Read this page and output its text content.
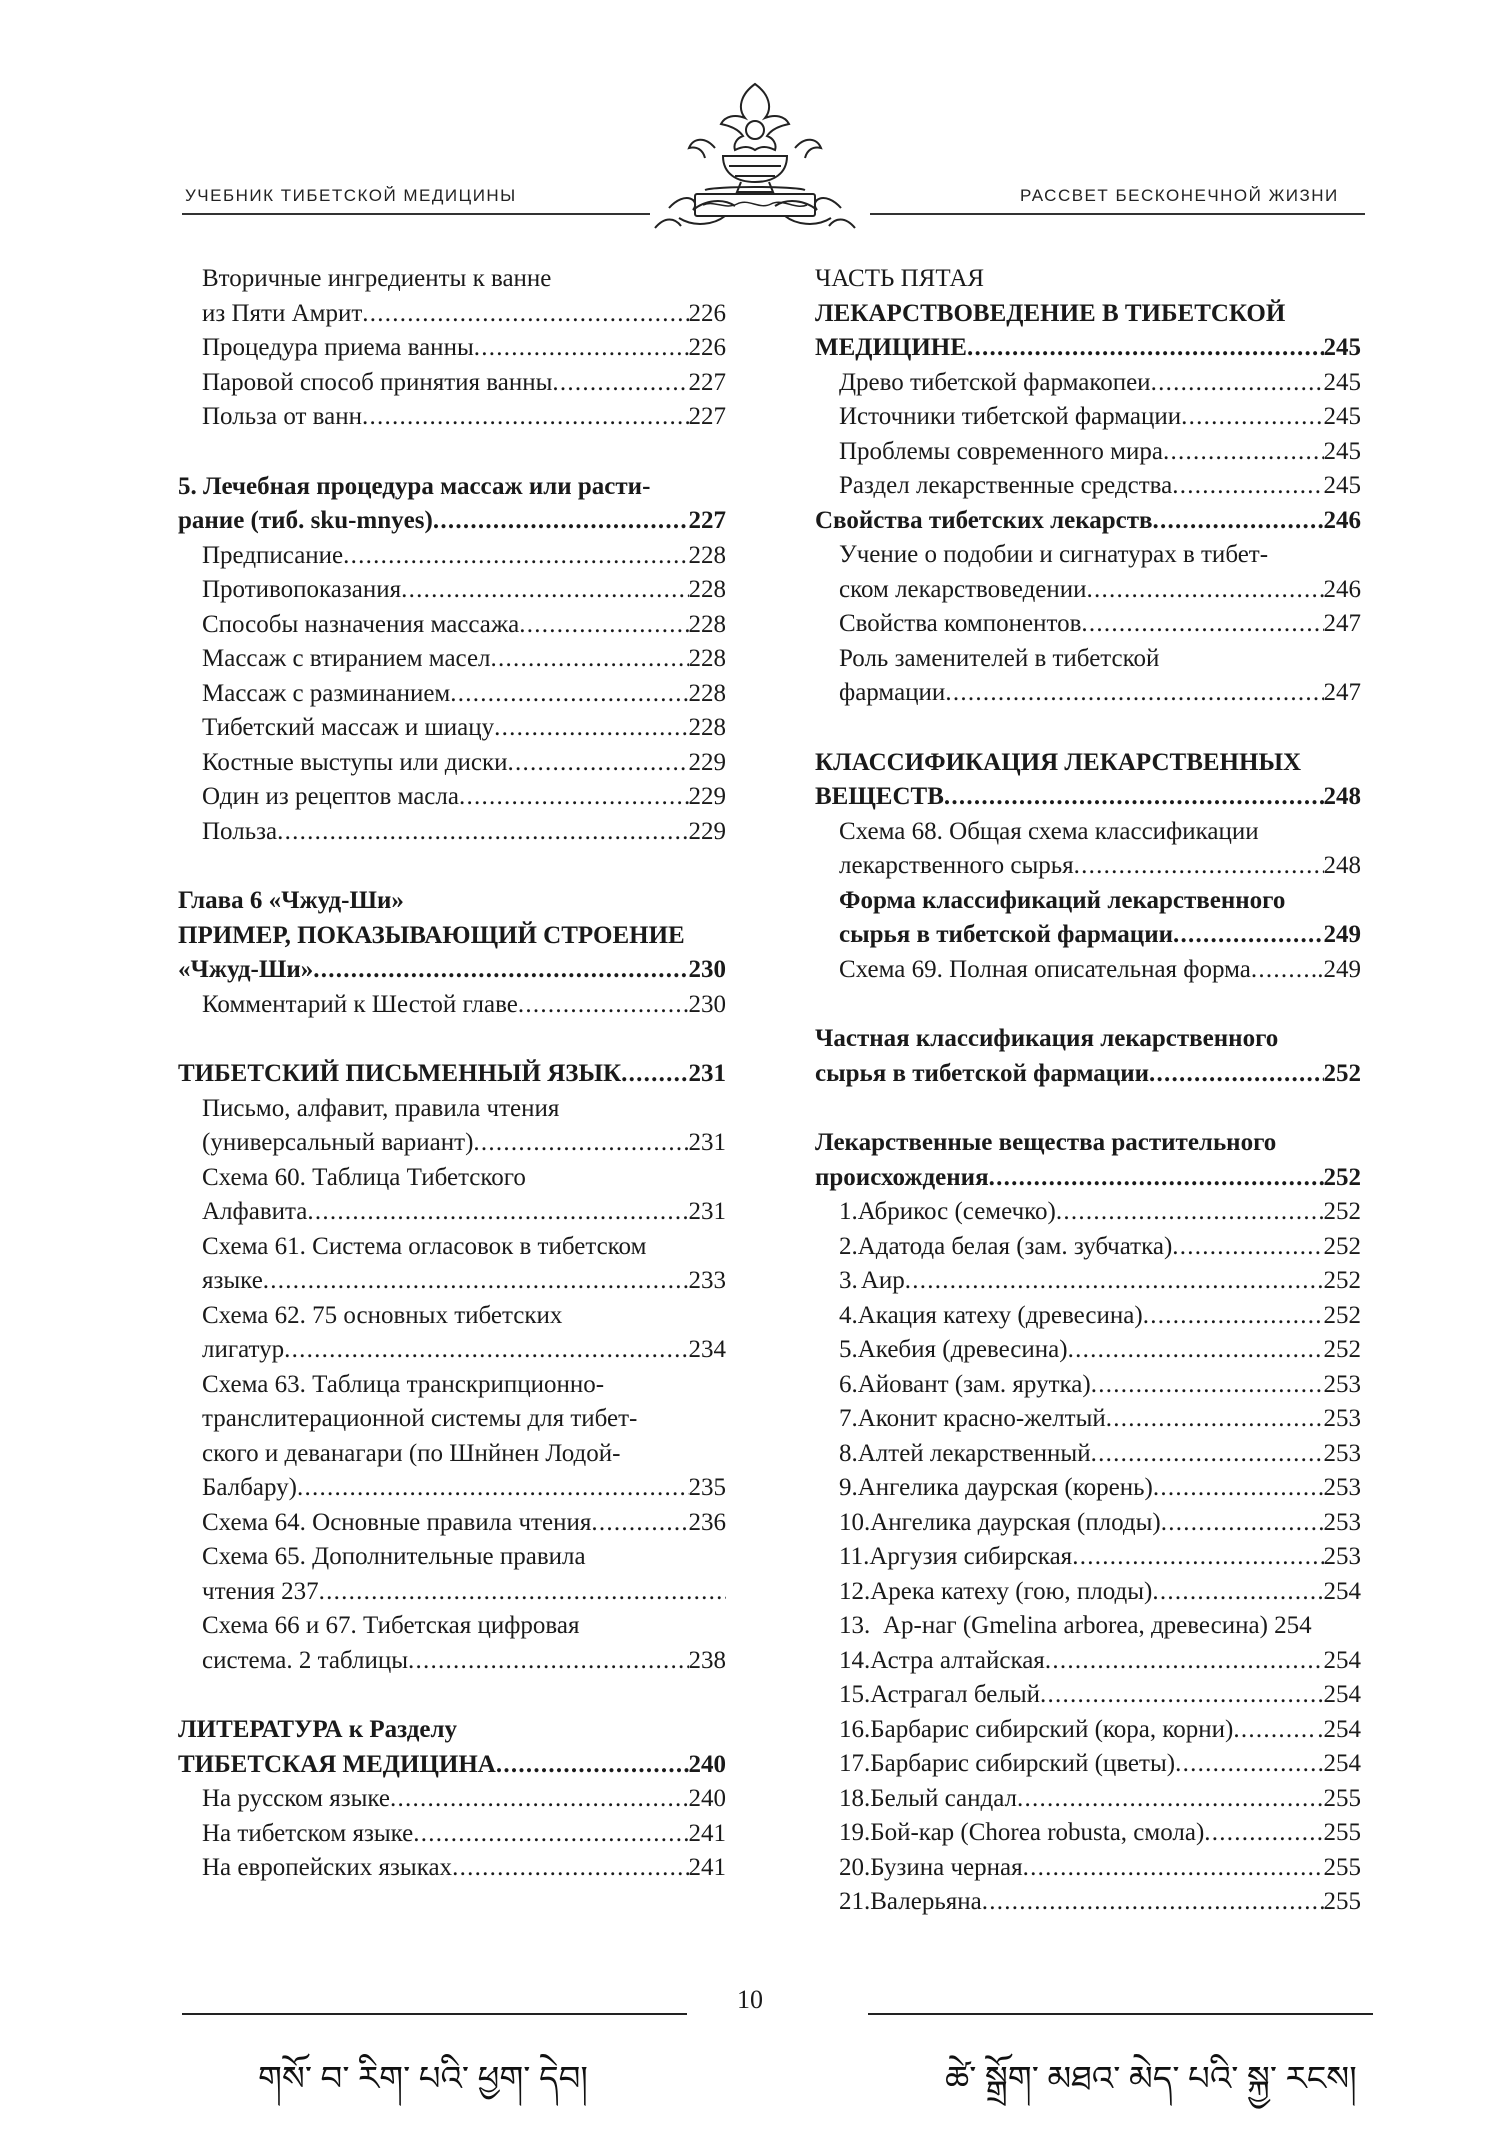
УЧЕБНИК ТИБЕТСКОЙ МЕДИЦИНЫ	РАССВЕТ БЕСКОНЕЧНОЙ ЖИЗНИ
Вторичные ингредиенты к ванне
из Пяти Амрит . . .	226
Процедура приема ванны . . .	226
Паровой способ принятия ванны . . .	227
Польза от ванн . . .	227
5. Лечебная процедура массаж или расти-
рание (тиб. sku-mnyes) . . .	227
Предписание . . .	228
Противопоказания . . .	228
Способы назначения массажа . . .	228
Массаж с втиранием масел . . .	228
Массаж с разминанием . . .	228
Тибетский массаж и шиацу . . .	228
Костные выступы или диски . . .	229
Один из рецептов масла . . .	229
Польза . . .	229
Глава 6 «Чжуд-Ши»
ПРИМЕР, ПОКАЗЫВАЮЩИЙ СТРОЕНИЕ
«Чжуд-Ши» . . .	230
Комментарий к Шестой главе . . .	230
ТИБЕТСКИЙ ПИСЬМЕННЫЙ ЯЗЫК . . .	231
Письмо, алфавит, правила чтения
(универсальный вариант) . . .	231
Схема 60. Таблица Тибетского
Алфавита . . .	231
Схема 61. Система огласовок в тибетском
языке . . .	233
Схема 62. 75 основных тибетских
лигатур . . .	234
Схема 63. Таблица транскрипционно-
транслитерационной системы для тибет-
ского и деванагари (по Шнйнен Лодой-
Балбару) . . .	235
Схема 64. Основные правила чтения . . .	236
Схема 65. Дополнительные правила
чтения 237
. . .
Схема 66 и 67. Тибетская цифровая
система. 2 таблицы . . .	238
ЛИТЕРАТУРА к Разделу
ТИБЕТСКАЯ МЕДИЦИНА . . .	240
На русском языке . . .	240
На тибетском языке . . .	241
На европейских языках . . .	241
ЧАСТЬ ПЯТАЯ
ЛЕКАРСТВОВЕДЕНИЕ В ТИБЕТСКОЙ
МЕДИЦИНЕ . . .	245
Древо тибетской фармакопеи . . .	245
Источники тибетской фармации . . .	245
Проблемы современного мира . . .	245
Раздел лекарственные средства . . .	245
Свойства тибетских лекарств . . .	246
Учение о подобии и сигнатурах в тибет-
ском лекарствоведении . . .	246
Свойства компонентов . . .	247
Роль заменителей в тибетской
фармации . . .	247
КЛАССИФИКАЦИЯ ЛЕКАРСТВЕННЫХ
ВЕЩЕСТВ . . .	248
Схема 68. Общая схема классификации
лекарственного сырья . . .	248
Форма классификаций лекарственного
сырья в тибетской фармации . . .	249
Схема 69. Полная описательная форма . . .	.249
Частная классификация лекарственного
сырья в тибетской фармации . . .	252
Лекарственные вещества растительного
происхождения . . .	252
1. Абрикос (семечко) . . .	252
2. Адатода белая (зам. зубчатка) . . .	252
3. Аир . . .	252
4. Акация катеху (древесина) . . .	252
5. Акебия (древесина) . . .	252
6. Айовант (зам. ярутка) . . .	253
7. Аконит красно-желтый . . .	253
8. Алтей лекарственный . . .	253
9. Ангелика даурская (корень) . . .	253
10. Ангелика даурская (плоды) . . .	253
11. Аргузия сибирская . . .	253
12. Арека катеху (гою, плоды) . . .	254
13. Ар-наг (Gmelina arborea, древесина) 254
14. Астра алтайская . . .	254
15. Астрагал белый . . .	254
16. Барбарис сибирский (кора, корни) . . .	.254
17. Барбарис сибирский (цветы) . . .	254
18. Белый сандал . . .	255
19. Бой-кар (Chorea robusta, смола) . . .	255
20. Бузина черная . . .	255
21. Валерьяна . . .	255
10
གསོ་ བ་ རིག་ པའི་ ཕྱག་ དེབ།	ཚེ་ སྒྲོག་ མཐའ་ མེད་ པའི་ སྐྱ་ རངས།
